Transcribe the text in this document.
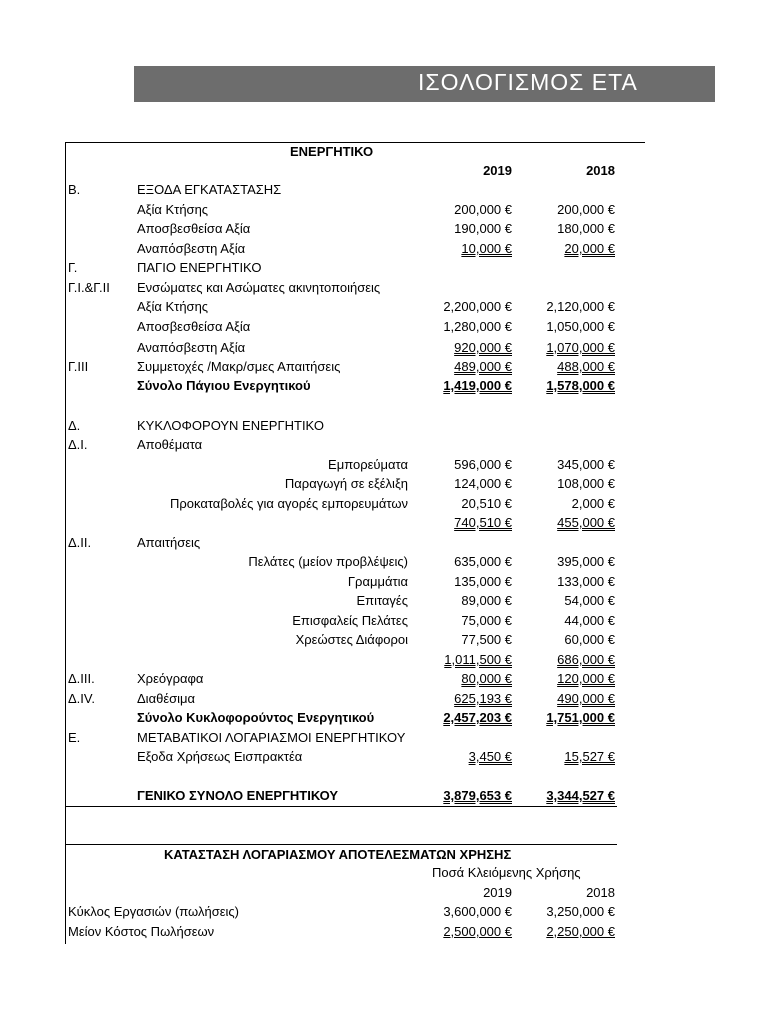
ΙΣΟΛΟΓΙΣΜΟΣ ΕΤΑ
ΕΝΕΡΓΗΤΙΚΟ
2019	2018
Β.	ΕΞΟΔΑ ΕΓΚΑΤΑΣΤΑΣΗΣ
Αξία Κτήσης	200,000 €	200,000 €
Αποσβεσθείσα Αξία	190,000 €	180,000 €
Αναπόσβεστη Αξία	10,000 €	20,000 €
Γ.	ΠΑΓΙΟ ΕΝΕΡΓΗΤΙΚΟ
Γ.Ι.&Γ.ΙΙ Ενσώματες και Ασώματες ακινητοποιήσεις
Αξία Κτήσης	2,200,000 €	2,120,000 €
Αποσβεσθείσα Αξία	1,280,000 €	1,050,000 €
Αναπόσβεστη Αξία	920,000 €	1,070,000 €
Γ.ΙΙΙ	Συμμετοχές /Μακρ/σμες Απαιτήσεις	489,000 €	488,000 €
Σύνολο Πάγιου Ενεργητικού	1,419,000 €	1,578,000 €
Δ.	ΚΥΚΛΟΦΟΡΟΥΝ ΕΝΕΡΓΗΤΙΚΟ
Δ.Ι.	Αποθέματα
Εμπορεύματα	596,000 €	345,000 €
Παραγωγή σε εξέλιξη	124,000 €	108,000 €
Προκαταβολές για αγορές εμπορευμάτων	20,510 €	2,000 €
740,510 €	455,000 €
Δ.ΙΙ.	Απαιτήσεις
Πελάτες (μείον προβλέψεις)	635,000 €	395,000 €
Γραμμάτια	135,000 €	133,000 €
Επιταγές	89,000 €	54,000 €
Επισφαλείς Πελάτες	75,000 €	44,000 €
Χρεώστες Διάφοροι	77,500 €	60,000 €
1,011,500 €	686,000 €
Δ.ΙΙΙ.	Χρεόγραφα	80,000 €	120,000 €
Δ.ΙV.	Διαθέσιμα	625,193 €	490,000 €
Σύνολο Κυκλοφορούντος Ενεργητικού	2,457,203 €	1,751,000 €
Ε.	ΜΕΤΑΒΑΤΙΚΟΙ ΛΟΓΑΡΙΑΣΜΟΙ ΕΝΕΡΓΗΤΙΚΟΥ
Εξοδα Χρήσεως Εισπρακτέα	3,450 €	15,527 €
ΓΕΝΙΚΟ ΣΥΝΟΛΟ ΕΝΕΡΓΗΤΙΚΟΥ	3,879,653 €	3,344,527 €
ΚΑΤΑΣΤΑΣΗ ΛΟΓΑΡΙΑΣΜΟΥ ΑΠΟΤΕΛΕΣΜΑΤΩΝ ΧΡΗΣΗΣ
Ποσά Κλειόμενης Χρήσης
2019	2018
Κύκλος Εργασιών (πωλήσεις)	3,600,000 €	3,250,000 €
Μείον Κόστος Πωλήσεων	2,500,000 €	2,250,000 €
